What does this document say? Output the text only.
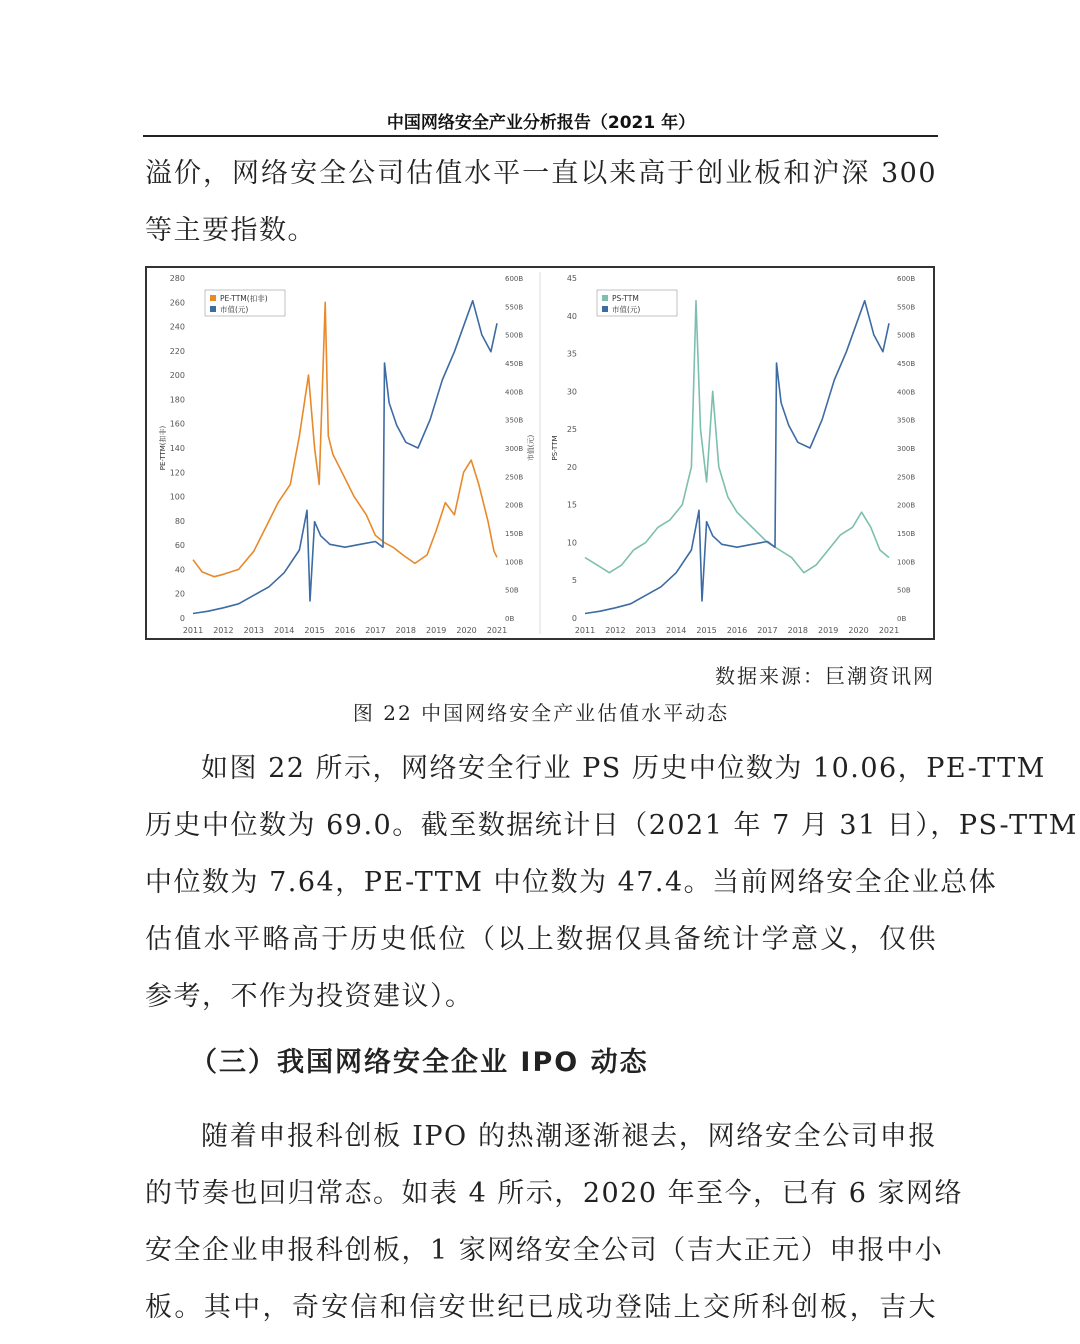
中国网络安全产业分析报告（2021 年）
溢价，网络安全公司估值水平一直以来高于创业板和沪深 300
等主要指数。
0
20
40
60
80
100
120
140
160
180
200
220
240
260
280
0B
50B
100B
150B
200B
250B
300B
350B
400B
450B
500B
550B
600B
2011 2012 2013 2014 2015 2016 2017 2018 2019 2020 2021
PE-TTM(扣非)	市值(元)
PE-TTM(扣非)
市值(元)
0
5
10
15
20
25
30
35
40
45
0B
50B
100B
150B
200B
250B
300B
350B
400B
450B
500B
550B
600B
2011 2012 2013 2014 2015 2016 2017 2018 2019 2020 2021
PS-TTM
PS-TTM
市值(元)
数据来源：巨潮资讯网
图 22 中国网络安全产业估值水平动态
如图 22 所示，网络安全行业 PS 历史中位数为 10.06，PE-TTM
历史中位数为 69.0。截至数据统计日（2021 年 7 月 31 日），PS-TTM
中位数为 7.64，PE-TTM 中位数为 47.4。当前网络安全企业总体
估值水平略高于历史低位（以上数据仅具备统计学意义，仅供
参考，不作为投资建议）。
（三）我国网络安全企业 IPO 动态
随着申报科创板 IPO 的热潮逐渐褪去，网络安全公司申报
的节奏也回归常态。如表 4 所示，2020 年至今，已有 6 家网络
安全企业申报科创板，1 家网络安全公司（吉大正元）申报中小
板。其中，奇安信和信安世纪已成功登陆上交所科创板，吉大
